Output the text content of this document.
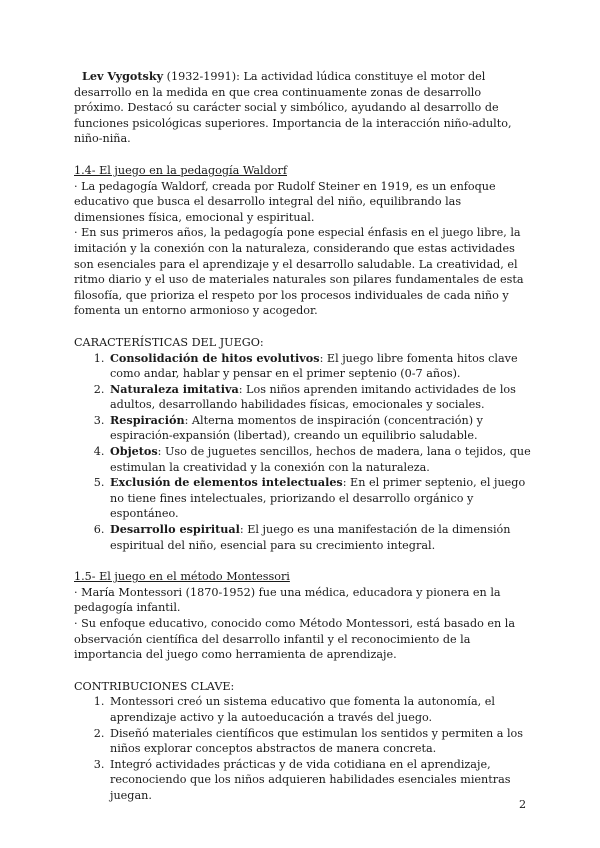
Lev Vygotsky (1932-1991): La actividad lúdica constituye el motor del desarrollo en la medida en que crea continuamente zonas de desarrollo próximo. Destacó su carácter social y simbólico, ayudando al desarrollo de funciones psicológicas superiores. Importancia de la interacción niño-adulto, niño-niña.

1.4- El juego en la pedagogía Waldorf

· La pedagogía Waldorf, creada por Rudolf Steiner en 1919, es un enfoque educativo que busca el desarrollo integral del niño, equilibrando las dimensiones física, emocional y espiritual.

· En sus primeros años, la pedagogía pone especial énfasis en el juego libre, la imitación y la conexión con la naturaleza, considerando que estas actividades son esenciales para el aprendizaje y el desarrollo saludable. La creatividad, el ritmo diario y el uso de materiales naturales son pilares fundamentales de esta filosofía, que prioriza el respeto por los procesos individuales de cada niño y fomenta un entorno armonioso y acogedor.

CARACTERÍSTICAS DEL JUEGO:

1. Consolidación de hitos evolutivos: El juego libre fomenta hitos clave como andar, hablar y pensar en el primer septenio (0-7 años).
2. Naturaleza imitativa: Los niños aprenden imitando actividades de los adultos, desarrollando habilidades físicas, emocionales y sociales.
3. Respiración: Alterna momentos de inspiración (concentración) y espiración-expansión (libertad), creando un equilibrio saludable.
4. Objetos: Uso de juguetes sencillos, hechos de madera, lana o tejidos, que estimulan la creatividad y la conexión con la naturaleza.
5. Exclusión de elementos intelectuales: En el primer septenio, el juego no tiene fines intelectuales, priorizando el desarrollo orgánico y espontáneo.
6. Desarrollo espiritual: El juego es una manifestación de la dimensión espiritual del niño, esencial para su crecimiento integral.

1.5- El juego en el método Montessori

· María Montessori (1870-1952) fue una médica, educadora y pionera en la pedagogía infantil.

· Su enfoque educativo, conocido como Método Montessori, está basado en la observación científica del desarrollo infantil y el reconocimiento de la importancia del juego como herramienta de aprendizaje.

CONTRIBUCIONES CLAVE:

1. Montessori creó un sistema educativo que fomenta la autonomía, el aprendizaje activo y la autoeducación a través del juego.
2. Diseñó materiales científicos que estimulan los sentidos y permiten a los niños explorar conceptos abstractos de manera concreta.
3. Integró actividades prácticas y de vida cotidiana en el aprendizaje, reconociendo que los niños adquieren habilidades esenciales mientras juegan.
2
